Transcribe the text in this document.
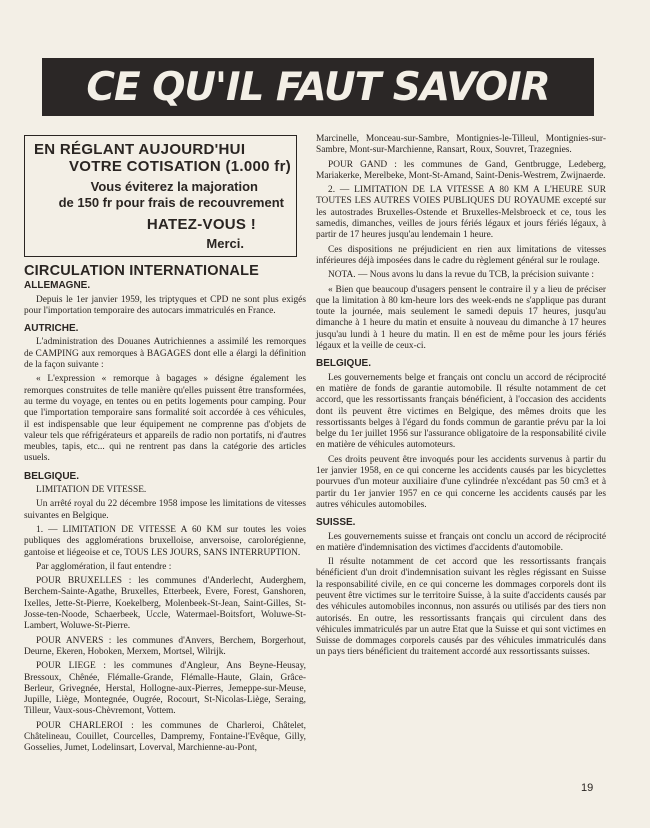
CE QU'IL FAUT SAVOIR
EN RÉGLANT AUJOURD'HUI
VOTRE COTISATION (1.000 fr)
Vous éviterez la majoration
de 150 fr pour frais de recouvrement
HATEZ-VOUS !
Merci.
CIRCULATION INTERNATIONALE
ALLEMAGNE.

Depuis le 1er janvier 1959, les triptyques et CPD ne sont plus exigés pour l'importation temporaire des autocars immatriculés en France.

AUTRICHE.

L'administration des Douanes Autrichiennes a assimilé les remorques de CAMPING aux remorques à BAGAGES dont elle a élargi la définition de la façon suivante :

« L'expression « remorque à bagages » désigne également les remorques construites de telle manière qu'elles puissent être transformées, au terme du voyage, en tentes ou en petits logements pour camping. Pour que l'importation temporaire sans formalité soit accordée à ces véhicules, il est indispensable que leur équipement ne comprenne pas d'objets de valeur tels que réfrigérateurs et appareils de radio non portatifs, ni d'autres meubles, tapis, etc... qui ne rentrent pas dans la catégorie des articles usuels.

BELGIQUE.

LIMITATION DE VITESSE.

Un arrêté royal du 22 décembre 1958 impose les limitations de vitesses suivantes en Belgique.

1. — LIMITATION DE VITESSE A 60 KM sur toutes les voies publiques des agglomérations bruxelloise, anversoise, carolorégienne, gantoise et liégeoise et ce, TOUS LES JOURS, SANS INTERRUPTION.

Par agglomération, il faut entendre :

POUR BRUXELLES : les communes d'Anderlecht, Auderghem, Berchem-Sainte-Agathe, Bruxelles, Etterbeek, Evere, Forest, Ganshoren, Ixelles, Jette-St-Pierre, Koekelberg, Molenbeek-St-Jean, Saint-Gilles, St-Josse-ten-Noode, Schaerbeek, Uccle, Watermael-Boitsfort, Woluwe-St-Lambert, Woluwe-St-Pierre.

POUR ANVERS : les communes d'Anvers, Berchem, Borgerhout, Deurne, Ekeren, Hoboken, Merxem, Mortsel, Wilrijk.

POUR LIEGE : les communes d'Angleur, Ans Beyne-Heusay, Bressoux, Chênée, Flémalle-Grande, Flémalle-Haute, Glain, Grâce-Berleur, Grivegnée, Herstal, Hollogne-aux-Pierres, Jemeppe-sur-Meuse, Jupille, Liège, Montegnée, Ougrée, Rocourt, St-Nicolas-Liège, Seraing, Tilleur, Vaux-sous-Chèvremont, Vottem.

POUR CHARLEROI : les communes de Charleroi, Châtelet, Châtelineau, Couillet, Courcelles, Dampremy, Fontaine-l'Evêque, Gilly, Gosselies, Jumet, Lodelinsart, Loverval, Marchienne-au-Pont,

Marcinelle, Monceau-sur-Sambre, Montignies-le-Tilleul, Montignies-sur-Sambre, Mont-sur-Marchienne, Ransart, Roux, Souvret, Trazegnies.

POUR GAND : les communes de Gand, Gentbrugge, Ledeberg, Mariakerke, Merelbeke, Mont-St-Amand, Saint-Denis-Westrem, Zwijnaerde.

2. — LIMITATION DE LA VITESSE A 80 KM A L'HEURE SUR TOUTES LES AUTRES VOIES PUBLIQUES DU ROYAUME excepté sur les autostrades Bruxelles-Ostende et Bruxelles-Melsbroeck et ce, tous les samedis, dimanches, veilles de jours fériés légaux et jours fériés légaux, à partir de 17 heures jusqu'au lendemain 1 heure.

Ces dispositions ne préjudicient en rien aux limitations de vitesses inférieures déjà imposées dans le cadre du règlement général sur le roulage.

NOTA. — Nous avons lu dans la revue du TCB, la précision suivante :

« Bien que beaucoup d'usagers pensent le contraire il y a lieu de préciser que la limitation à 80 km-heure lors des week-ends ne s'applique pas durant toute la journée, mais seulement le samedi depuis 17 heures, jusqu'au dimanche à 1 heure du matin et ensuite à nouveau du dimanche à 17 heures jusqu'au lundi à 1 heure du matin. Il en est de même pour les jours fériés légaux et la veille de ceux-ci.

BELGIQUE.

Les gouvernements belge et français ont conclu un accord de réciprocité en matière de fonds de garantie automobile. Il résulte notamment de cet accord, que les ressortissants français bénéficient, à l'occasion des accidents dont ils peuvent être victimes en Belgique, des mêmes droits que les ressortissants belges à l'égard du fonds commun de garantie prévu par la loi belge du 1er juillet 1956 sur l'assurance obligatoire de la responsabilité civile en matière de véhicules automoteurs.

Ces droits peuvent être invoqués pour les accidents survenus à partir du 1er janvier 1958, en ce qui concerne les accidents causés par les bicyclettes pourvues d'un moteur auxiliaire d'une cylindrée n'excédant pas 50 cm3 et à partir du 1er janvier 1957 en ce qui concerne les accidents causés par les autres véhicules automobiles.

SUISSE.

Les gouvernements suisse et français ont conclu un accord de réciprocité en matière d'indemnisation des victimes d'accidents d'automobile.

Il résulte notamment de cet accord que les ressortissants français bénéficient d'un droit d'indemnisation suivant les règles régissant en Suisse la responsabilité civile, en ce qui concerne les dommages corporels dont ils peuvent être victimes sur le territoire Suisse, à la suite d'accidents causés par des véhicules automobiles inconnus, non assurés ou utilisés par des tiers non autorisés. En outre, les ressortissants français qui circulent dans des véhicules immatriculés par un autre Etat que la Suisse et qui sont victimes en Suisse de dommages corporels causés par des véhicules immatriculés dans un pays tiers bénéficient du traitement accordé aux ressortissants suisses.

19
